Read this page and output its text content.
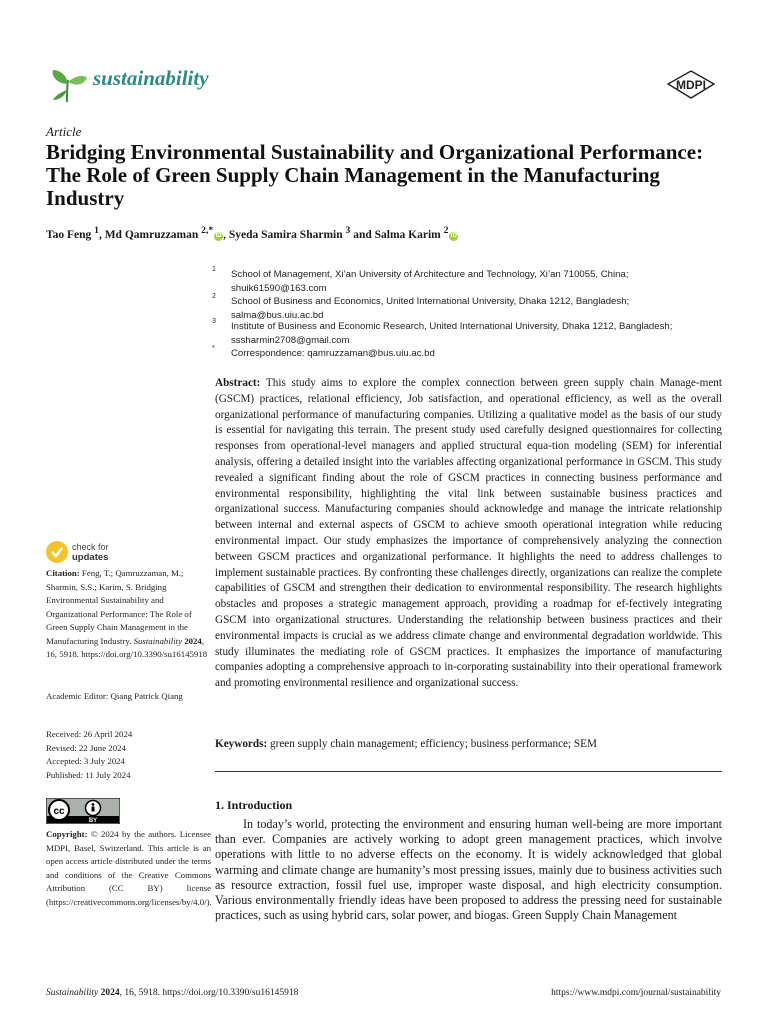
sustainability	MDPI
Article
Bridging Environmental Sustainability and Organizational Performance: The Role of Green Supply Chain Management in the Manufacturing Industry
Tao Feng $^1$, Md Qamruzzaman $^{2,*}$ iD , Syeda Samira Sharmin $^3$ and Salma Karim $^2$ iD
1 School of Management, Xi’an University of Architecture and Technology, Xi’an 710055, China;
shuik61590@163.com
2 School of Business and Economics, United International University, Dhaka 1212, Bangladesh;
salma@bus.uiu.ac.bd
3 Institute of Business and Economic Research, United International University, Dhaka 1212, Bangladesh;
sssharmin2708@gmail.com
* Correspondence: qamruzzaman@bus.uiu.ac.bd
Abstract: This study aims to explore the complex connection between green supply chain Manage-ment (GSCM) practices, relational efficiency, Job satisfaction, and operational efficiency, as well as the overall organizational performance of manufacturing companies. Utilizing a qualitative model as the basis of our study is essential for navigating this terrain. The present study used carefully designed questionnaires for collecting responses from operational-level managers and applied structural equa-tion modeling (SEM) for inferential analysis, offering a detailed insight into the variables affecting organizational performance in GSCM. This study revealed a significant finding about the role of GSCM practices in connecting business performance and environmental responsibility, highlighting the vital link between sustainable business practices and organizational success. Manufacturing companies should acknowledge and manage the intricate relationship between internal and external aspects of GSCM to achieve smooth operational integration while reducing environmental impact. Our study emphasizes the importance of comprehensively analyzing the connection between GSCM practices and organizational performance. It highlights the need to address challenges to implement sustainable practices. By confronting these challenges directly, organizations can realize the complete capabilities of GSCM and strengthen their dedication to environmental responsibility. The research highlights obstacles and proposes a strategic management approach, providing a roadmap for ef-fectively integrating GSCM into organizational structures. Understanding the relationship between business practices and their environmental impacts is crucial as we address climate change and environmental degradation worldwide. This study illuminates the mediating role of GSCM practices. It emphasizes the importance of manufacturing companies adopting a comprehensive approach to in-corporating sustainability into their operational framework and promoting environmental resilience and organizational success.
Keywords: green supply chain management; efficiency; business performance; SEM
1. Introduction
In today’s world, protecting the environment and ensuring human well-being are more important than ever. Companies are actively working to adopt green management practices, which involve operations with little to no adverse effects on the economy. It is widely acknowledged that global warming and climate change are humanity’s most pressing issues, mainly due to business activities such as resource extraction, fossil fuel use, improper waste disposal, and high electricity consumption. Various environmentally friendly ideas have been proposed to address the pressing need for sustainable practices, such as using hybrid cars, solar power, and biogas. Green Supply Chain Management
check for
updates
Citation: Feng, T.; Qamruzzaman, M.; Sharmin, S.S.; Karim, S. Bridging Environmental Sustainability and Organizational Performance: The Role of Green Supply Chain Management in the Manufacturing Industry. Sustainability 2024, 16, 5918. https://doi.org/10.3390/su16145918
Academic Editor: Qiang Patrick Qiang
Received: 26 April 2024
Revised: 22 June 2024
Accepted: 3 July 2024
Published: 11 July 2024
cc
BY
Copyright: © 2024 by the authors. Licensee MDPI, Basel, Switzerland. This article is an open access article distributed under the terms and conditions of the Creative Commons Attribution (CC BY) license (https://creativecommons.org/licenses/by/4.0/).
Sustainability 2024, 16, 5918. https://doi.org/10.3390/su16145918	https://www.mdpi.com/journal/sustainability
